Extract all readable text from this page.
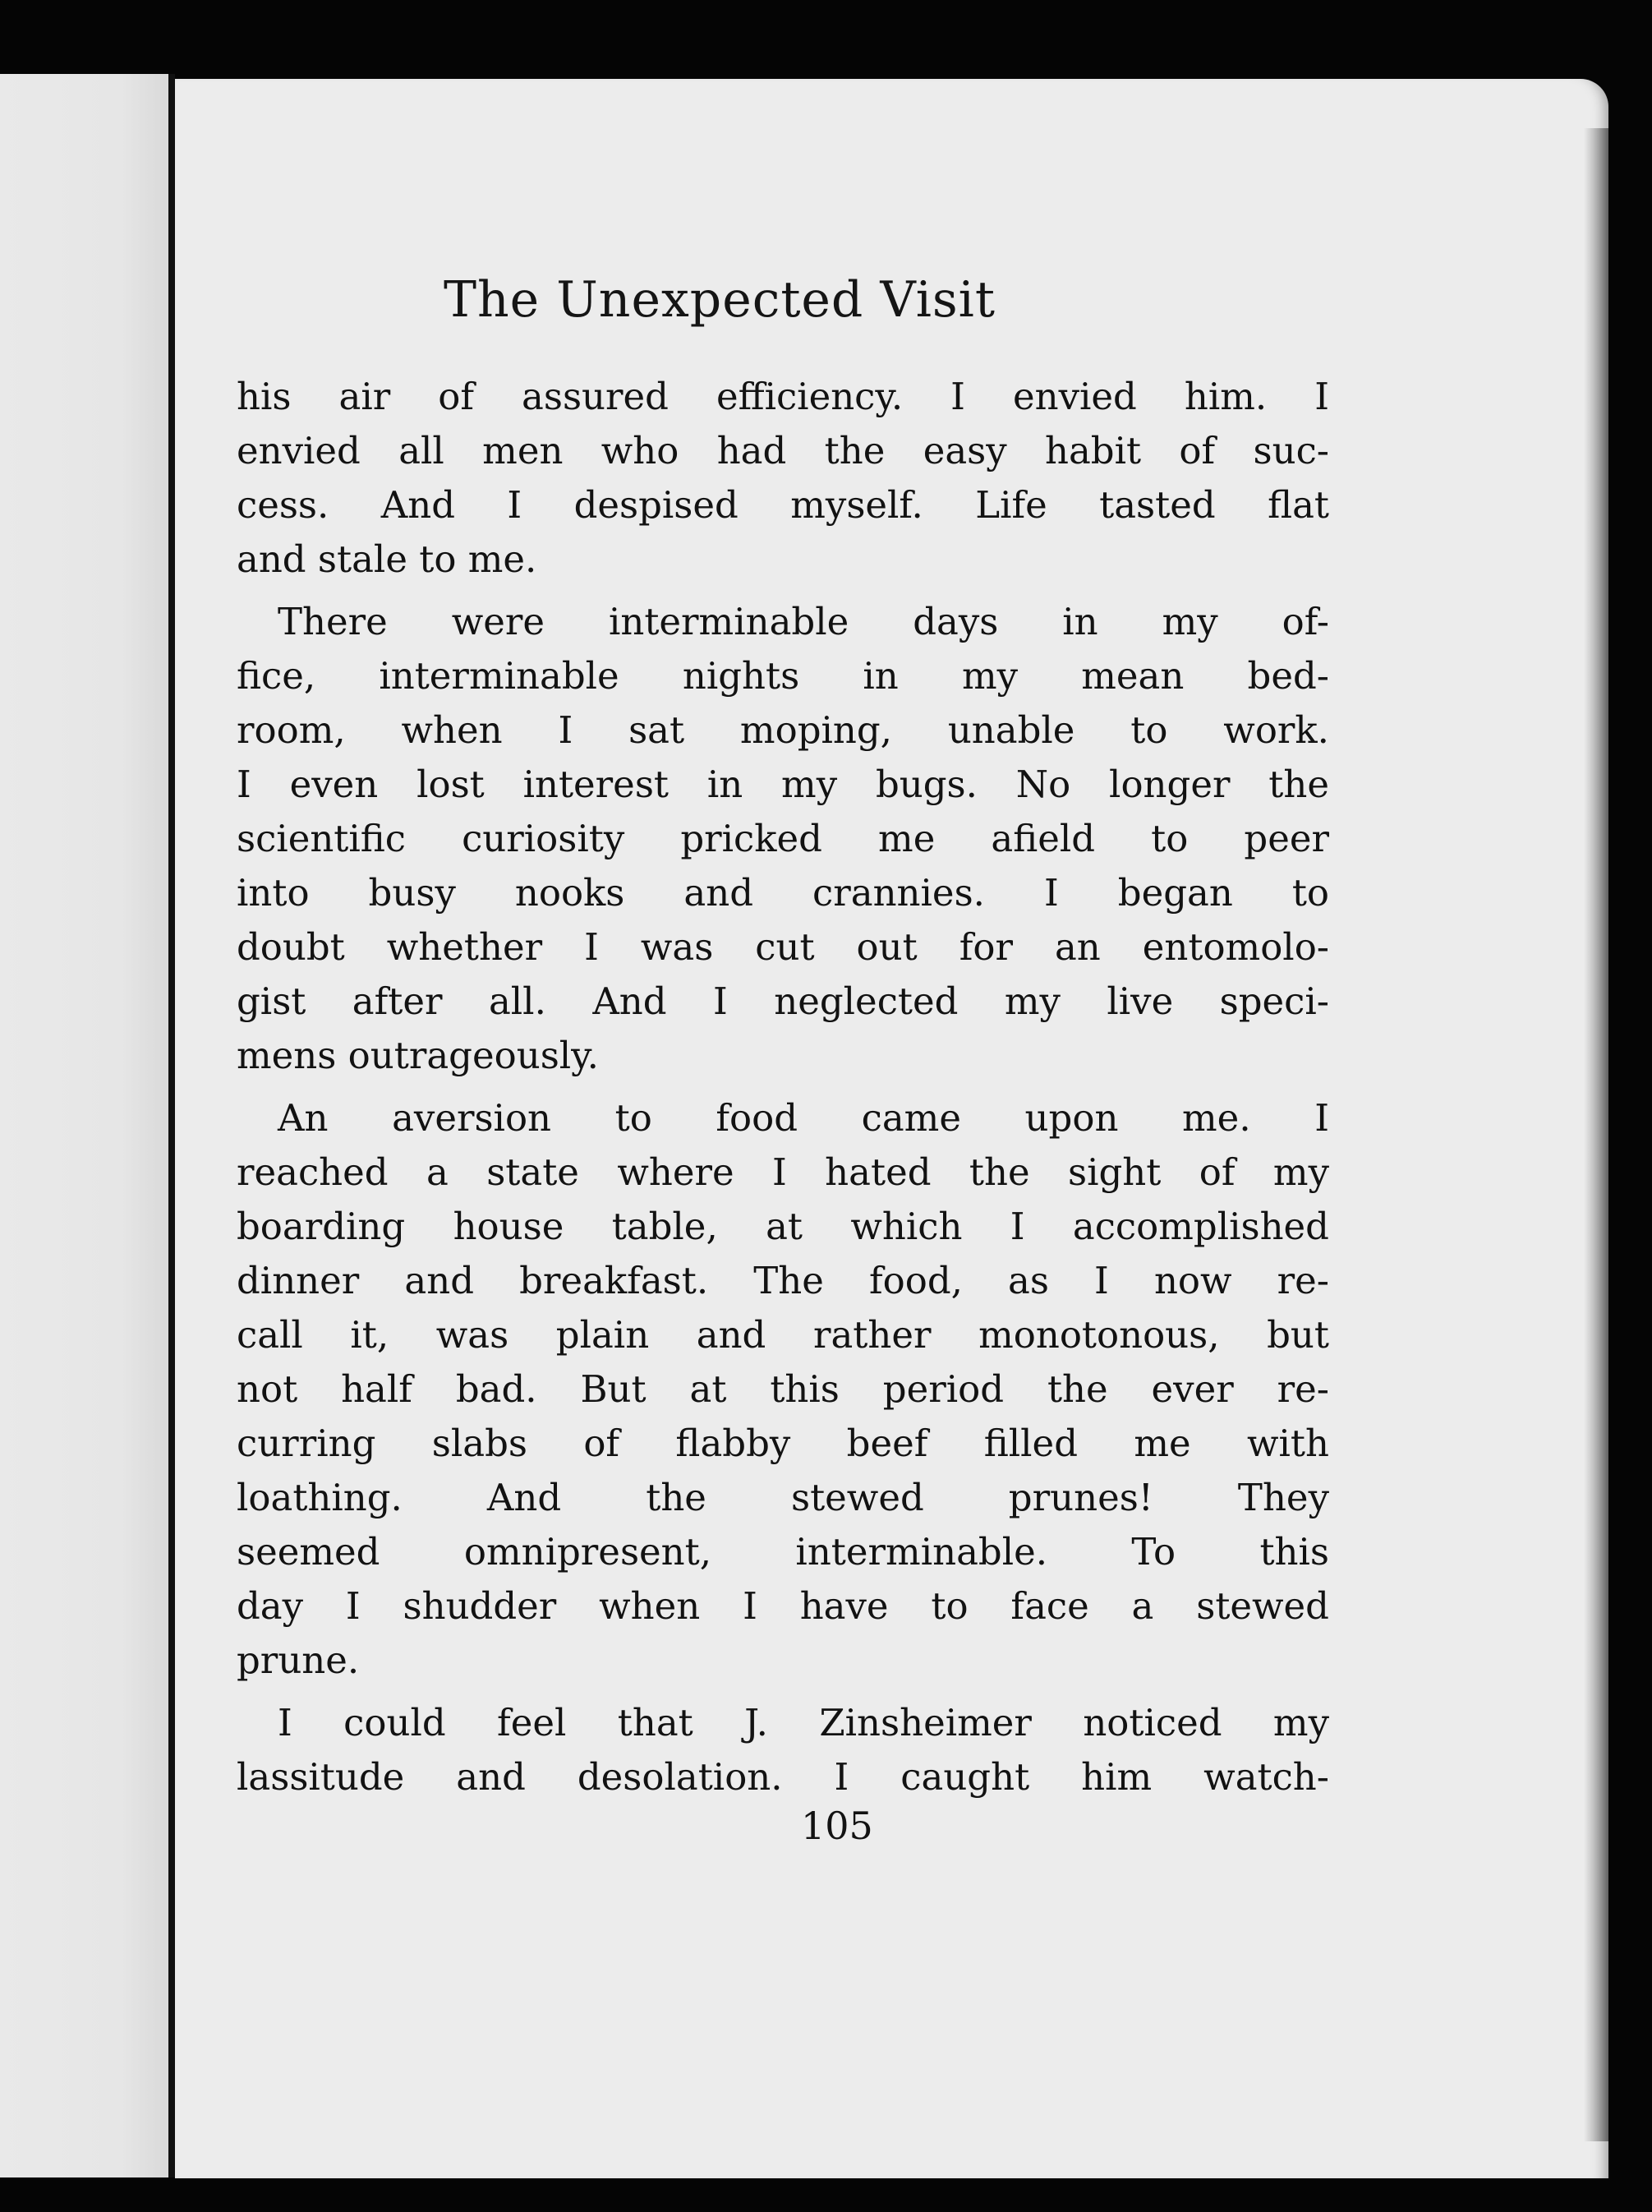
The Unexpected Visit
his air of assured efficiency. I envied him. I
envied all men who had the easy habit of suc-
cess. And I despised myself. Life tasted flat
and stale to me.
There were interminable days in my of-
fice, interminable nights in my mean bed-
room, when I sat moping, unable to work.
I even lost interest in my bugs. No longer the
scientific curiosity pricked me afield to peer
into busy nooks and crannies. I began to
doubt whether I was cut out for an entomolo-
gist after all. And I neglected my live speci-
mens outrageously.
An aversion to food came upon me. I
reached a state where I hated the sight of my
boarding house table, at which I accomplished
dinner and breakfast. The food, as I now re-
call it, was plain and rather monotonous, but
not half bad. But at this period the ever re-
curring slabs of flabby beef filled me with
loathing. And the stewed prunes! They
seemed omnipresent, interminable. To this
day I shudder when I have to face a stewed
prune.
I could feel that J. Zinsheimer noticed my
lassitude and desolation. I caught him watch-
105
